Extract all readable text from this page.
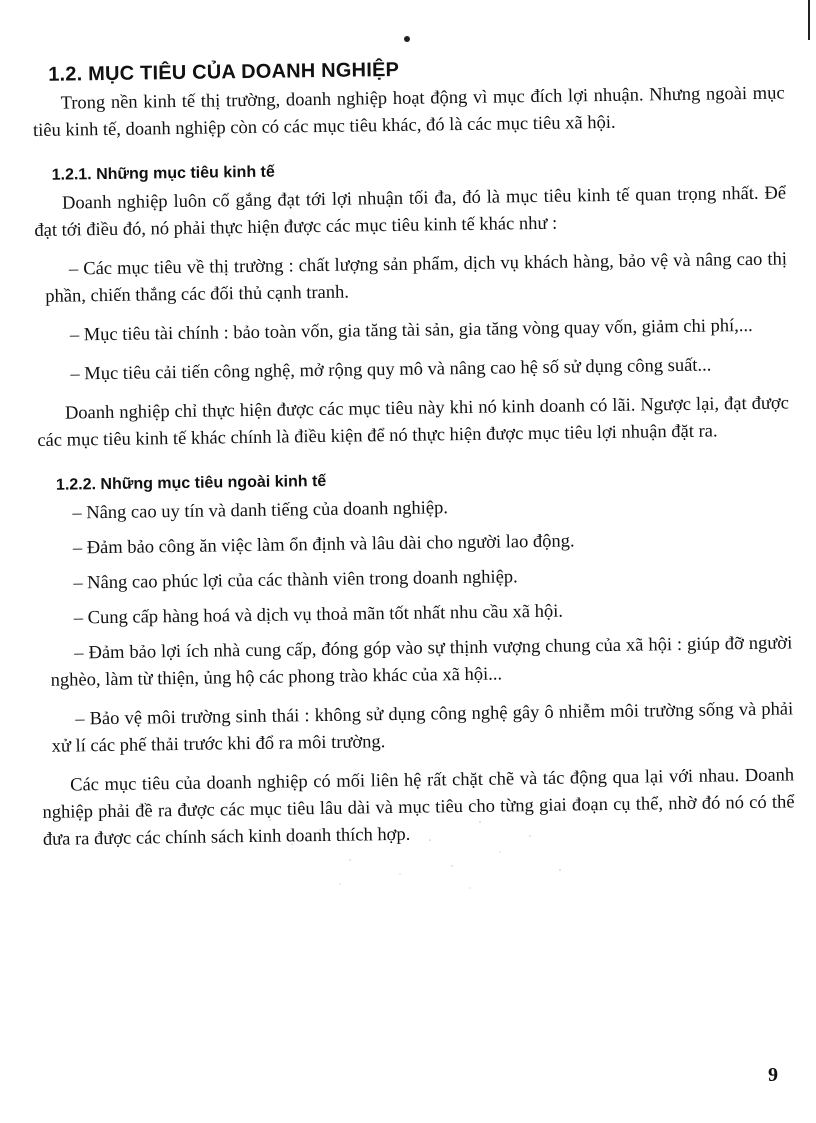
1.2. MỤC TIÊU CỦA DOANH NGHIỆP

Trong nền kinh tế thị trường, doanh nghiệp hoạt động vì mục đích lợi nhuận. Nhưng ngoài mục tiêu kinh tế, doanh nghiệp còn có các mục tiêu khác, đó là các mục tiêu xã hội.

1.2.1. Những mục tiêu kinh tế

Doanh nghiệp luôn cố gắng đạt tới lợi nhuận tối đa, đó là mục tiêu kinh tế quan trọng nhất. Để đạt tới điều đó, nó phải thực hiện được các mục tiêu kinh tế khác như :

– Các mục tiêu về thị trường : chất lượng sản phẩm, dịch vụ khách hàng, bảo vệ và nâng cao thị phần, chiến thắng các đối thủ cạnh tranh.

– Mục tiêu tài chính : bảo toàn vốn, gia tăng tài sản, gia tăng vòng quay vốn, giảm chi phí,...

– Mục tiêu cải tiến công nghệ, mở rộng quy mô và nâng cao hệ số sử dụng công suất...

Doanh nghiệp chỉ thực hiện được các mục tiêu này khi nó kinh doanh có lãi. Ngược lại, đạt được các mục tiêu kinh tế khác chính là điều kiện để nó thực hiện được mục tiêu lợi nhuận đặt ra.

1.2.2. Những mục tiêu ngoài kinh tế

– Nâng cao uy tín và danh tiếng của doanh nghiệp.

– Đảm bảo công ăn việc làm ổn định và lâu dài cho người lao động.

– Nâng cao phúc lợi của các thành viên trong doanh nghiệp.

– Cung cấp hàng hoá và dịch vụ thoả mãn tốt nhất nhu cầu xã hội.

– Đảm bảo lợi ích nhà cung cấp, đóng góp vào sự thịnh vượng chung của xã hội : giúp đỡ người nghèo, làm từ thiện, ủng hộ các phong trào khác của xã hội...

– Bảo vệ môi trường sinh thái : không sử dụng công nghệ gây ô nhiễm môi trường sống và phải xử lí các phế thải trước khi đổ ra môi trường.

Các mục tiêu của doanh nghiệp có mối liên hệ rất chặt chẽ và tác động qua lại với nhau. Doanh nghiệp phải đề ra được các mục tiêu lâu dài và mục tiêu cho từng giai đoạn cụ thể, nhờ đó nó có thể đưa ra được các chính sách kinh doanh thích hợp.

9
